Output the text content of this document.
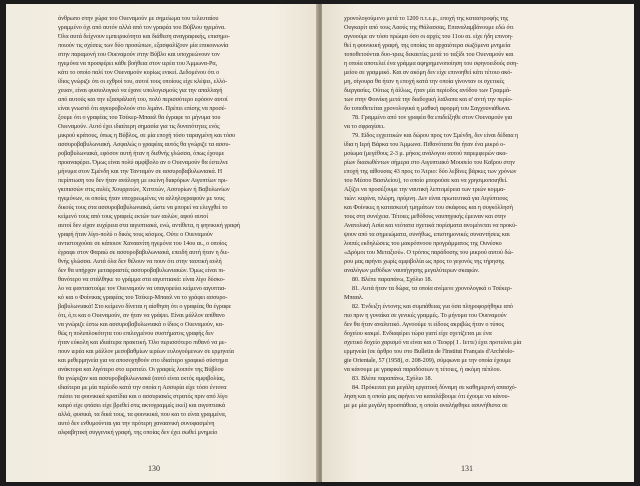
άνθρωπο στην χώρα του Ουεναμούν με σημείωμα του τελευταίου
γραμμένο όχι από αυτόν αλλά από τον γραφέα του Βύβλου ηγεμόνα.
Όλα αυτά δείχνουν εμπειρικότητα και διάθεση αναγραφικής, επισημο-
ποιούν τις σχέσεις των δύο προσώπων, εξασφαλίζουν μία επικοινωνία
στην παραμονή του Ουεναμούν στην Βύβλο και υποχρεώνουν τον
ηγεμόνα να προσφέρει κάθε βοήθεια στον ιερέα του Άμμωνα-Ρα,
κάτι το οποίο παλί τον Ουεναμούν κυρίως ενικεί. Δεδομένου ότι ο
ίδιος γνώριζε ότι οι εχθροί του, αυτοί τους οποίους είχε κλέψει, ελλό-
χευαν, είναι φυσιολογικό να έχανε υπολογισμούς για την απαλλαγή
από αυτούς και την εξασφάλισή του, πολύ περισσότερο εφόσον αυτοί
είναι γνωστό ότι αγκυροβολούν στο λιμάνι. Πρέπει επίσης να προσέ-
ξουμε ότι ο γραφέας του Τσέκερ-Μπααλ θα έγραφε το μήνυμα του
Ουεναμούν. Αυτό έχει ιδιαίτερη σημασία για τις δυνατότητες ενός
μικρού κράτους, όπως η Βύβλος, σε μία εποχή τόσο ταραγμένη και τόσο
ασσυροβαβυλωνιακή. Ασφαλώς ο γραφέας αυτός θα γνώριζε τα ασσυ-
ροβαβυλωνιακά, εφόσον αυτή ήταν η διεθνής γλώσσα, όπως έχουμε
προαναφέρει. Όμως είναι πολύ αμφίβολο αν ο Ουεναμούν θα έστελνε
μήνυμα στον Σμένδη και την Τανταμόν σε ασσυροβαβυλωνιακά. Η
περίπτωση του δεν ήταν ανάλογη με εκείνη διαφόρων Αιγυπτίων πρι-
γκιπισσών στις αυλές Χουρριτών, Χιττιτών, Ασσυρίων ή Βαβυλωνίων
ηγεμόνων, οι οποίες ήταν υποχρεωμένες να αλληλογραφούν με τους
δικούς τους στα ασσυροβαβυλωνιακά, ώστε να μπορεί να ελεγχθεί το
κείμενό τους από τους γραφείς εκτών των αυλών, αφού αυτοί
αυτοί δεν είχαν ευχέρεια στα αιγυπτιακά, ενώ, αντίθετα, η φηνικική γραφή
γραφή ήταν λίγο-πολύ ο δικός τους κόσμος. Ούτε ο Ουεναμούν
αντιστοιχούσε σε κάποιον Χαναανίτη ηγεμόνα του 14ου αι., ο οποίος
έγραφε στον Φαραώ σε ασσυροβαβυλωνιακά, επειδή αυτή ήταν η διε-
θνής γλώσσα. Αυτά όλα δεν θέλουν να πουν ότι στην ταυτική αυλή
δεν θα υπήρχαν μεταφραστές ασσυροβαβυλωνιακών. Όμως είναι πι-
θανότερο να στάλθηκε το γράμμα στα αιγυπτιακά: είναι λίγο δύσκο-
λο να φανταστούμε τον Ουεναμούν να υπαγορεύει κείμενο αιγυπτια-
κό και ο Φοίνικας γραφέας του Τσέκερ-Μπααλ να το γράφει ασσυρο-
βαβυλωνιακά! Στο κείμενο δίνεται η αίσθηση ότι ο γραφέας θα έγραφε
ότι, ό,τι και ο Ουεναμούν, αν ήταν να γράψει. Είναι μάλλον απίθανο
να γνώριζε έστω και ασσυροβαβυλωνιακά ο ίδιος ο Ουεναμούν, κα-
θώς η πολυπλοκότητα του επιλεγμένου συστήματος γραφής δεν
ήταν εύκολη και ιδιαίτερα πρακτική. Όλο περισσότερο πιθανό να με-
πουν ιερέα και μάλλον μεσοβαθμίων ιερέων ευλογούμενων σε ερμηνεία
και μεθερμηνεία για να αποσοχηθούν στο ιδιαίτερο γραφικό σύστημα
ανάκτορα και λιγότερο στο ιερατείο. Οι γραφείς λοιπόν της Βύβλου
θα γνώριζαν και ασσυροβαβυλωνιακά (αυτό είναι εκτός αμφιβολίας,
ιδιαίτερα με μία περίοδο κατά την οποία η Ασσυρία είχε τόσο έντονα
πιέσει τα φοινικικά κρατίδια και ο ασσυριακός στρατός πριν από λίγο
καιρό είχε φτάσει είχε βρεθεί στις ακτογραμμές εκεί) και αιγυπτιακά
αλλά, φυσικά, τα δικά τους, τα φοινικικά, που και το είναι γραμμένα,
αυτό δεν ενθυμούνται για την πρότερη χαναανική συνυφασμένη
αλφαβητική συγγενική γραφή, της οποίας δεν έχει σωθεί μνημείο
130
χρονολογούμενο μετά το 1200 π.τ.ε.μ., εποχή της καταστροφής της
Ουγκαρίτ από τους Λαούς της Θάλασσας. Επαναλαμβάνουμε εδώ ότι
αγνοούμε αν τόσο πρώιμα όσο οι αρχές του 11ου αι. είχε ήδη επινοη-
θεί η φοινικική γραφή, της οποίας τα αρχαιότερα σωζόμενα μνημεία
τοποθετούνται δυο-τρεις δεκαετίες μετά το ταξίδι του Ουεναμούν και
η οποία αποτελεί ένα γράμμα αφηρημενοποίηση του σφηνοειδούς σση-
μείου σε γραμμικό. Και αν ακόμη δεν είχε επινοηθεί κάτι τέτοιο ακό-
μη, σίγουρα θα ήταν η εποχή κατά την οποία γίνονταν οι σχετικές
διεργασίες. Ούτως ή άλλως, ήταν μία περίοδος ανόδου των Γραμμά-
των στην Φοινίκη μετά την διαδοχική λαϊλαπα και α' αντή την περίο-
δο τοποθετείται χρονολογικά η μαθική αφορμή του Σαγχουνιάθωνα.
78. Γραμμένο από τον γραφέα θα επιδείξηθε στον Ουεναμούν για
να το σφραγίσει.
79. Είδος εγχειτικών και δώρου προς τον Σμένδη, δεν είναι δέδαια η
ίδια η Ιερή Βάρκα του Άμμωνα. Πιθανότατα θα ήταν ένα μικρό ο-
μοίωμα (μεγέθους 2-3 μ. μήκος ανάλογου αυτού παρεμφερών ακα-
ρίων διασωθέντων σήμερα στο Αιγυπτιακό Μουσείο του Καΐρου στην
εποχή της αίθουσας 43 προς το Άτριο: δύο λεβίνες βάρκες των χρόνων
του Μέσου Βασιλείου), το οποίο μπορούσε και να χρησιμοποιηθεί.
Αξίζει να προσέξουμε την ναυτική λεπτομέρεια των τριών κομμα-
τιών: καρίνα, πλώρη, πρύμνη. Δεν είναι πρωτευτικά για Αιγύπτιους
και Φοίνικες η κατασκευή τμημάτων του σκάφους και η συγκόλλησή
τους στη συνέχεια. Τέτοιες μεθόδους ναυπηγικής έμειναν και στην
Ανατολική Ασία και νεότατα σχετικά πορίσματα ανομένεται να προκύ-
ψουν από τα σημειώματα, συνήθως, επιστημονικές συναντήσεις και
λοιπές εκδηλώσεις του μακρόπνοου προγράμματος της Ουνέσκο
«Δρόμοι του Μεταξιού». Ο τρόπος παράδοσης του μικρού αυτού δώ-
ρου μας αφήνει χωρίς αμφιβολία ως προς το γεγονός της τήρησης
αναλόγων μεθόδων ναυπήγησης μεγαλύτερων σκαφών.
80. Βλέπε παραπάνω, Σχόλιο 18.
81. Αυτά ήταν τα δώρα, τα οποία ανέμενε χρονολογικά ο Τσέκερ-
Μπααλ.
82. Ένδειξη έντονης και συμπάθειας για όσα πληροφορήθηκε από
πιο πριν η γυναίκα σε γενικές γραμμές. Το μήνυμα του Ουεναμούν
δεν θα ήταν αναλυτικό. Αγνοούμε τι είδους ακριβώς ήταν ο τύπος
δοχείου κακμέ. Ενδιαφέρει τώρα γιατί είχε σχετίζεται με ένα
σχετικό δοχείο χαρισμό να είναι και ο Τεοφρ( Ι . Ιεττε) έχει προτείνει μία
ερμηνεία (σε άρθρο του στο Bulletin de l'Institut Français d'Archéolo-
gie Orientale, 57 (1958), σ. 208-209), σύμφωνα με την οποία έχουμε
να κάνουμε με γραφικά παραδόσεων η τέτοιες, ή ακόμη πέπλου.
83. Βλέπε παραπάνω, Σχόλιο 18.
84. Πρόκειται για μεγάλη εργατική δύναμη σε καθημερινή απασχό-
ληση και η οποία μας αφήνει να καταλάβουμε ότι έχουμε να κάνου-
με με μία μεγάλη προσπάθεια, η οποία αναλήφθηκε ασυνήθιστα σε
131
